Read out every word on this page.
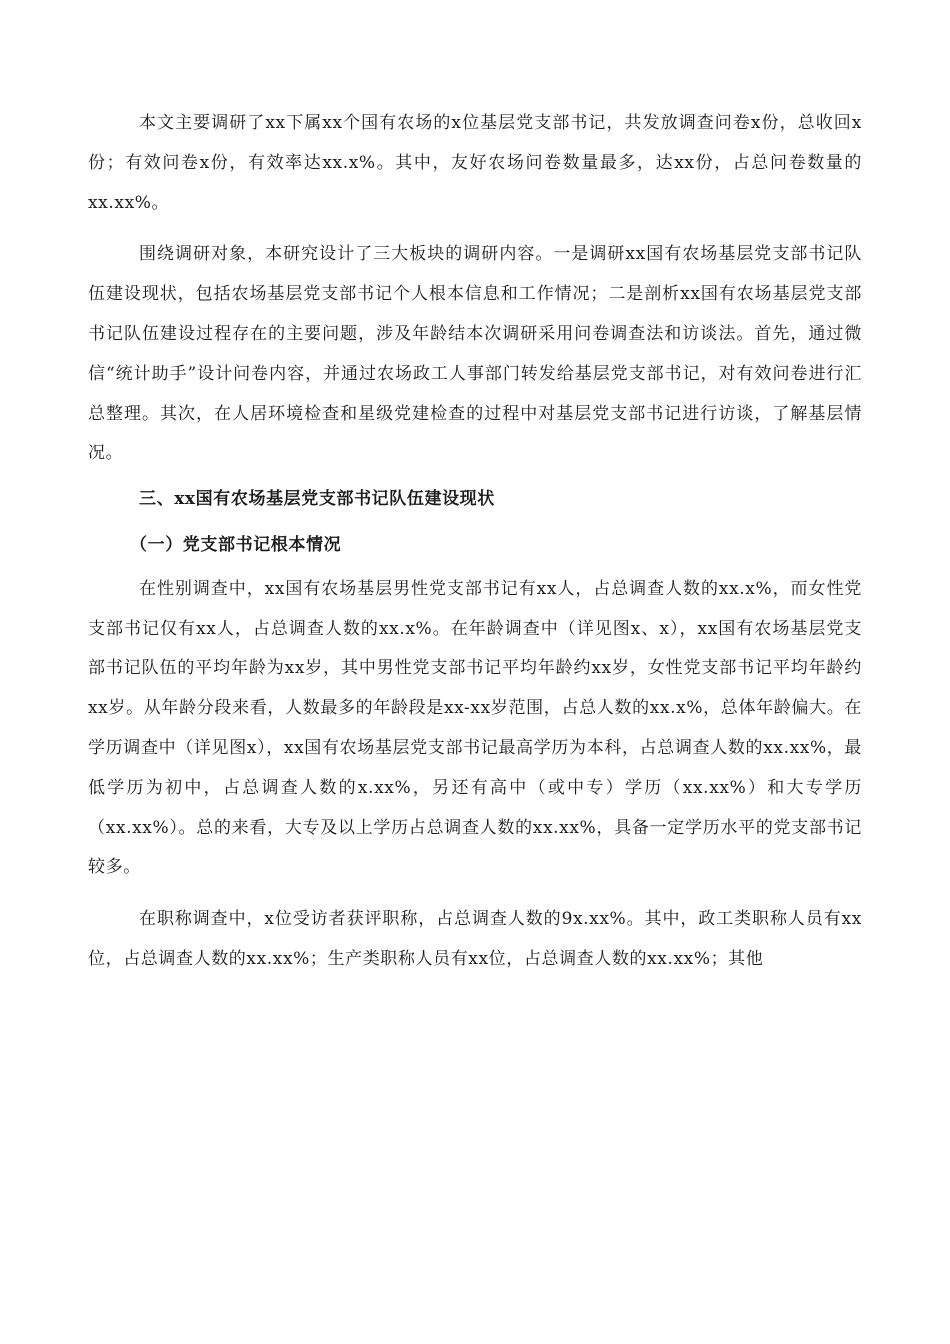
本文主要调研了xx下属xx个国有农场的x位基层党支部书记，共发放调查问卷x份，总收回x份；有效问卷x份，有效率达xx.x%。其中，友好农场问卷数量最多，达xx份，占总问卷数量的xx.xx%。

围绕调研对象，本研究设计了三大板块的调研内容。一是调研xx国有农场基层党支部书记队伍建设现状，包括农场基层党支部书记个人根本信息和工作情况；二是剖析xx国有农场基层党支部书记队伍建设过程存在的主要问题，涉及年龄结本次调研采用问卷调查法和访谈法。首先，通过微信“统计助手”设计问卷内容，并通过农场政工人事部门转发给基层党支部书记，对有效问卷进行汇总整理。其次，在人居环境检查和星级党建检查的过程中对基层党支部书记进行访谈，了解基层情况。

三、xx国有农场基层党支部书记队伍建设现状

（一）党支部书记根本情况

在性别调查中，xx国有农场基层男性党支部书记有xx人，占总调查人数的xx.x%，而女性党支部书记仅有xx人，占总调查人数的xx.x%。在年龄调查中（详见图x、x），xx国有农场基层党支部书记队伍的平均年龄为xx岁，其中男性党支部书记平均年龄约xx岁，女性党支部书记平均年龄约xx岁。从年龄分段来看，人数最多的年龄段是xx-xx岁范围，占总人数的xx.x%，总体年龄偏大。在学历调查中（详见图x），xx国有农场基层党支部书记最高学历为本科，占总调查人数的xx.xx%，最低学历为初中，占总调查人数的x.xx%，另还有高中（或中专）学历（xx.xx%）和大专学历（xx.xx%）。总的来看，大专及以上学历占总调查人数的xx.xx%，具备一定学历水平的党支部书记较多。

在职称调查中，x位受访者获评职称，占总调查人数的9x.xx%。其中，政工类职称人员有xx位，占总调查人数的xx.xx%；生产类职称人员有xx位，占总调查人数的xx.xx%；其他
